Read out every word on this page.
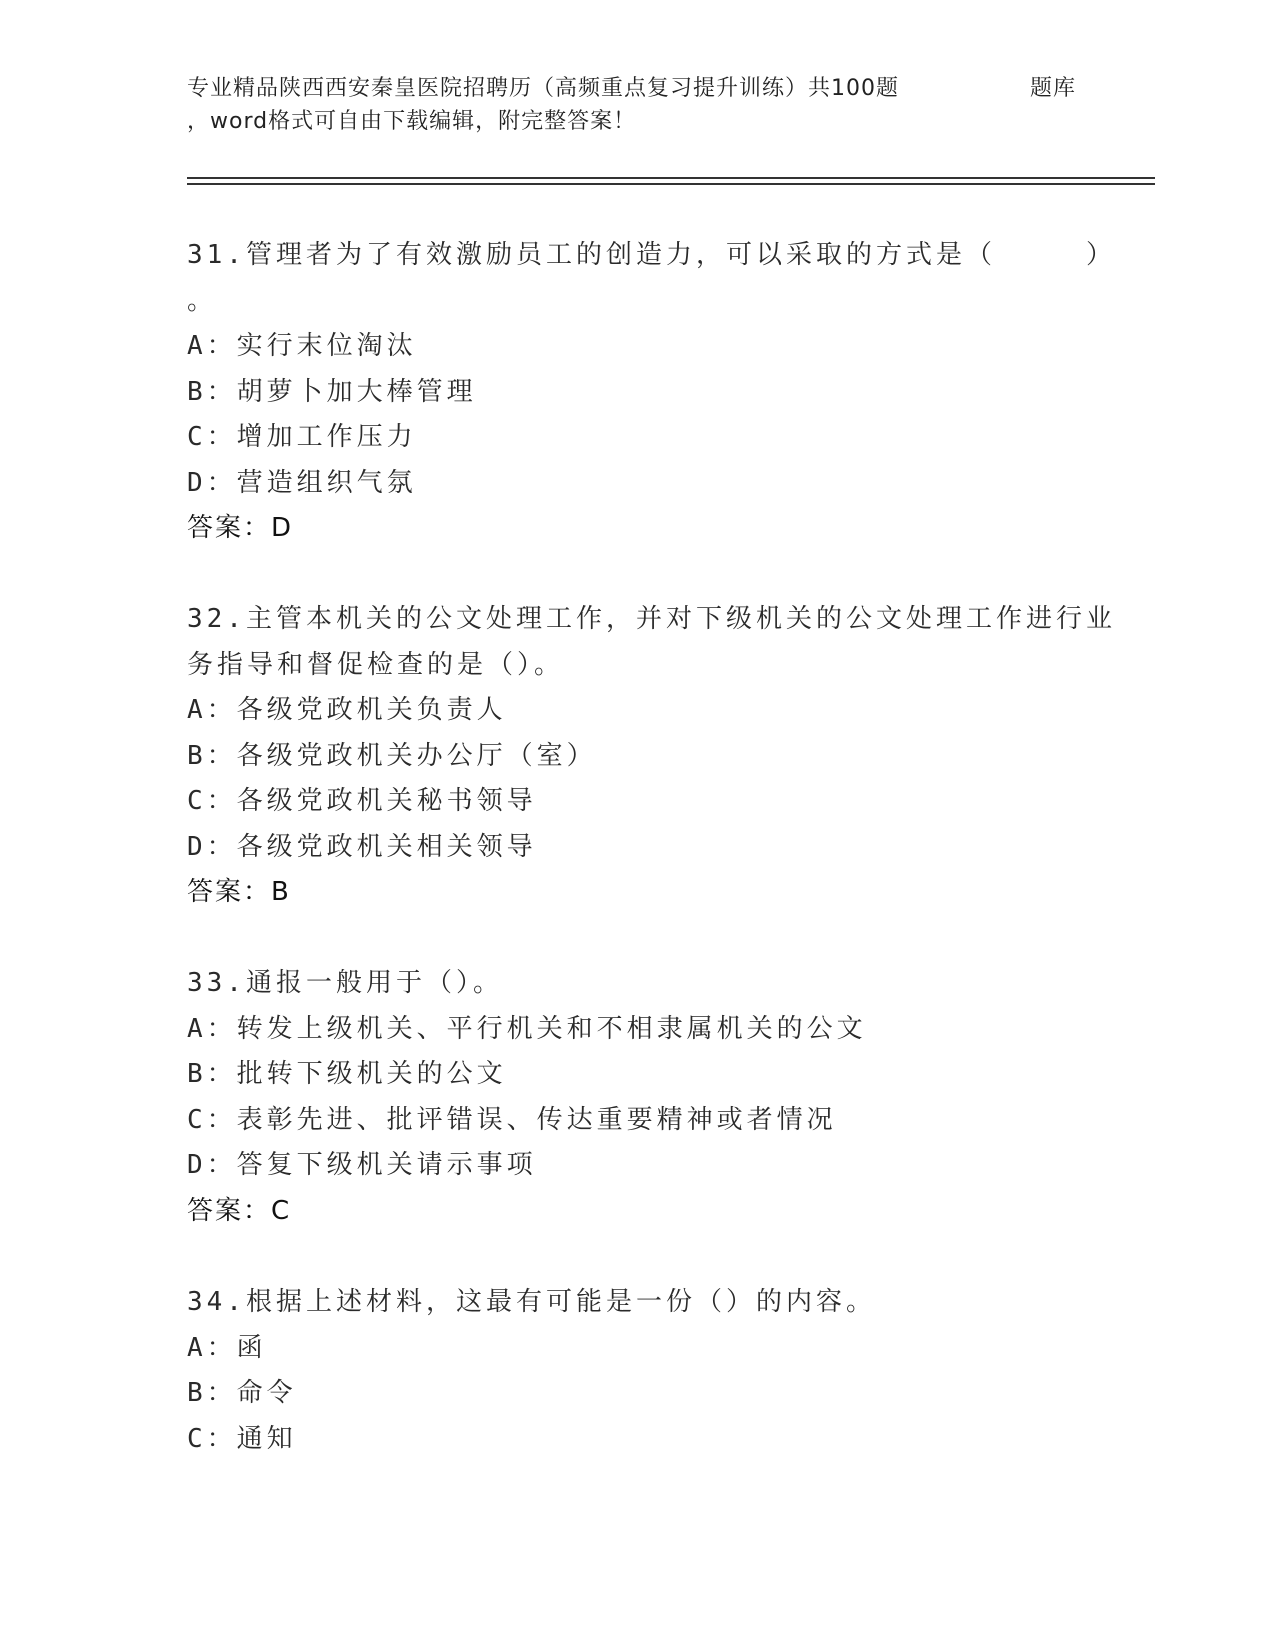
专业精品陕西西安秦皇医院招聘历（高频重点复习提升训练）共100题	题库
，word格式可自由下载编辑，附完整答案！
31.管理者为了有效激励员工的创造力，可以采取的方式是（　　　）
。
A：实行末位淘汰
B：胡萝卜加大棒管理
C：增加工作压力
D：营造组织气氛
答案：D
32.主管本机关的公文处理工作，并对下级机关的公文处理工作进行业
务指导和督促检查的是（）。
A：各级党政机关负责人
B：各级党政机关办公厅（室）
C：各级党政机关秘书领导
D：各级党政机关相关领导
答案：B
33.通报一般用于（）。
A：转发上级机关、平行机关和不相隶属机关的公文
B：批转下级机关的公文
C：表彰先进、批评错误、传达重要精神或者情况
D：答复下级机关请示事项
答案：C
34.根据上述材料，这最有可能是一份（）的内容。
A：函
B：命令
C：通知
